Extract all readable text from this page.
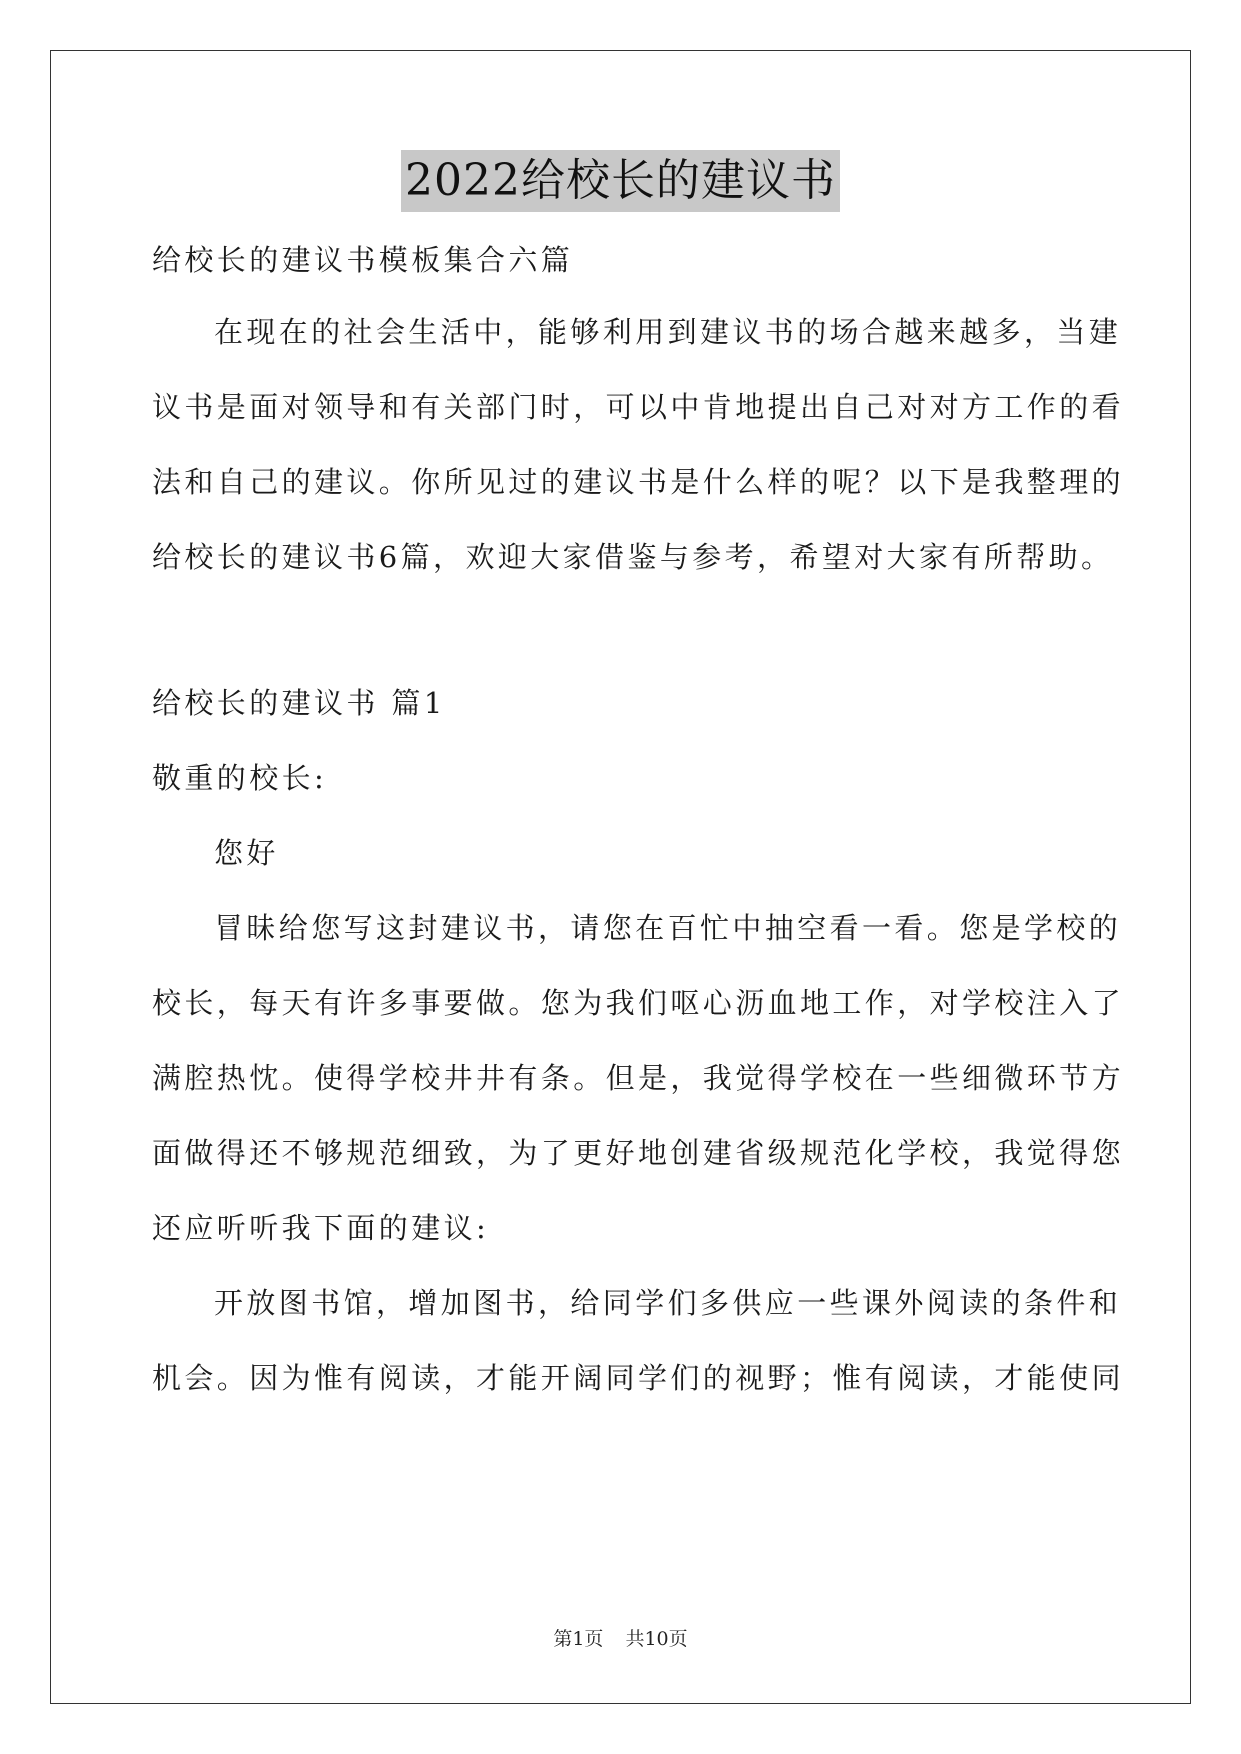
2022给校长的建议书
给校长的建议书模板集合六篇
在现在的社会生活中，能够利用到建议书的场合越来越多，当建
议书是面对领导和有关部门时，可以中肯地提出自己对对方工作的看
法和自己的建议。你所见过的建议书是什么样的呢？以下是我整理的
给校长的建议书6篇，欢迎大家借鉴与参考，希望对大家有所帮助。
给校长的建议书 篇1
敬重的校长:
您好
冒昧给您写这封建议书，请您在百忙中抽空看一看。您是学校的
校长，每天有许多事要做。您为我们呕心沥血地工作，对学校注入了
满腔热忱。使得学校井井有条。但是，我觉得学校在一些细微环节方
面做得还不够规范细致，为了更好地创建省级规范化学校，我觉得您
还应听听我下面的建议:
开放图书馆，增加图书，给同学们多供应一些课外阅读的条件和
机会。因为惟有阅读，才能开阔同学们的视野；惟有阅读，才能使同
第1页 共10页
